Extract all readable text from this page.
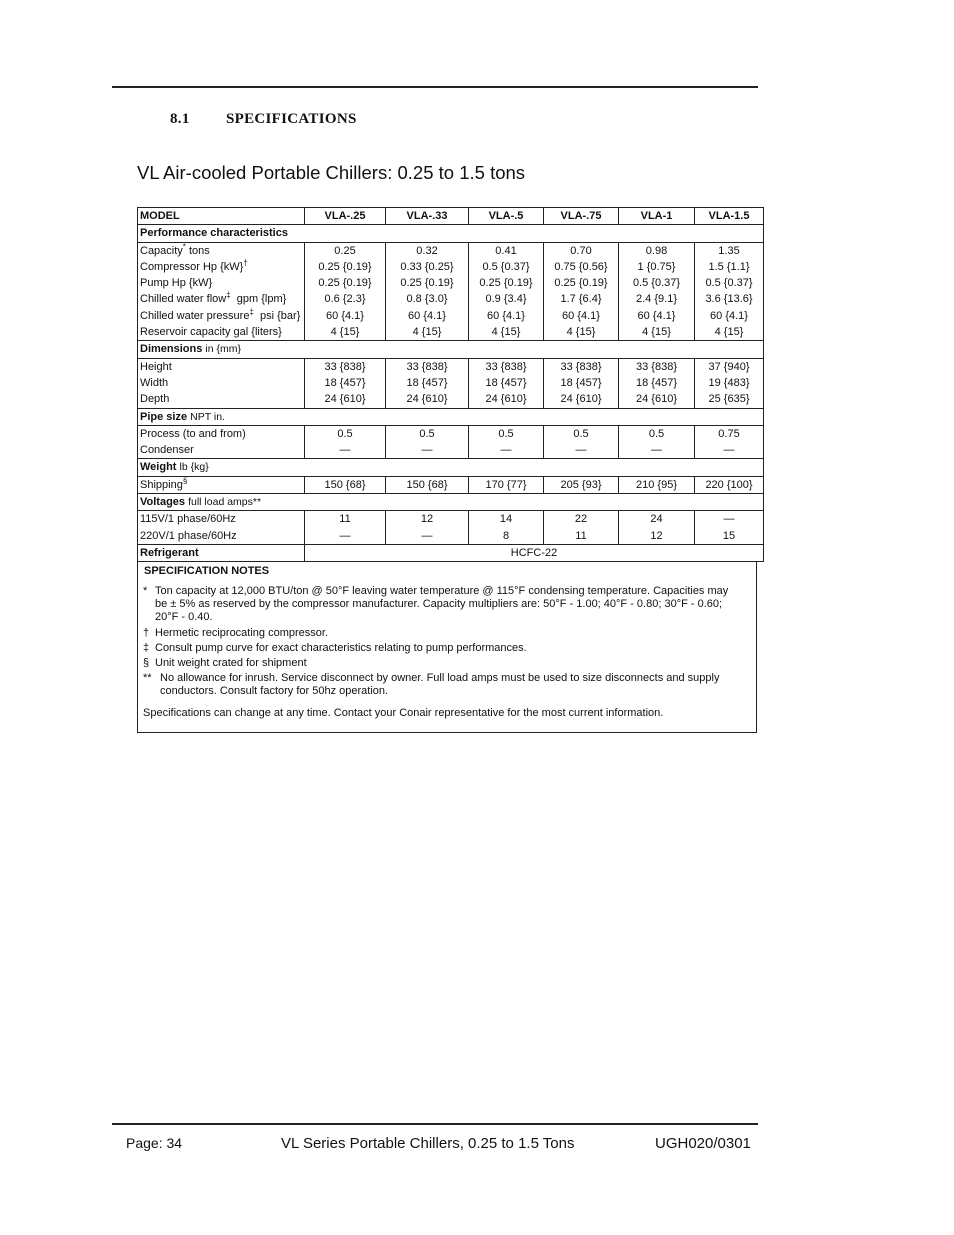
8.1 SPECIFICATIONS
VL Air-cooled Portable Chillers: 0.25 to 1.5 tons
MODEL	VLA-.25	VLA-.33	VLA-.5	VLA-.75	VLA-1	VLA-1.5
Performance characteristics						
Capacity* tons	0.25	0.32	0.41	0.70	0.98	1.35
Compressor Hp {kW}†	0.25 {0.19}	0.33 {0.25}	0.5 {0.37}	0.75 {0.56}	1 {0.75}	1.5 {1.1}
Pump Hp {kW}	0.25 {0.19}	0.25 {0.19}	0.25 {0.19}	0.25 {0.19}	0.5 {0.37}	0.5 {0.37}
Chilled water flow‡  gpm {lpm}	0.6 {2.3}	0.8 {3.0}	0.9 {3.4}	1.7 {6.4}	2.4 {9.1}	3.6 {13.6}
Chilled water pressure‡  psi {bar}	60 {4.1}	60 {4.1}	60 {4.1}	60 {4.1}	60 {4.1}	60 {4.1}
Reservoir capacity gal {liters}	4 {15}	4 {15}	4 {15}	4 {15}	4 {15}	4 {15}
Dimensions in {mm}						
Height	33 {838}	33 {838}	33 {838}	33 {838}	33 {838}	37 {940}
Width	18 {457}	18 {457}	18 {457}	18 {457}	18 {457}	19 {483}
Depth	24 {610}	24 {610}	24 {610}	24 {610}	24 {610}	25 {635}
Pipe size NPT in.						
Process (to and from)	0.5	0.5	0.5	0.5	0.5	0.75
Condenser	—	—	—	—	—	—
Weight lb {kg}						
Shipping§	150 {68}	150 {68}	170 {77}	205 {93}	210 {95}	220 {100}
Voltages full load amps**						
115V/1 phase/60Hz	11	12	14	22	24	—
220V/1 phase/60Hz	—	—	8	11	12	15
Refrigerant	HCFC-22					
SPECIFICATION NOTES
* Ton capacity at 12,000 BTU/ton @ 50°F leaving water temperature @ 115°F condensing temperature. Capacities may be ± 5% as reserved by the compressor manufacturer. Capacity multipliers are: 50°F - 1.00; 40°F - 0.80; 30°F - 0.60; 20°F - 0.40.
† Hermetic reciprocating compressor.
‡ Consult pump curve for exact characteristics relating to pump performances.
§ Unit weight crated for shipment
** No allowance for inrush. Service disconnect by owner. Full load amps must be used to size disconnects and supply conductors. Consult factory for 50hz operation.
Specifications can change at any time. Contact your Conair representative for the most current information.
Page: 34	VL Series Portable Chillers, 0.25 to 1.5 Tons	UGH020/0301
